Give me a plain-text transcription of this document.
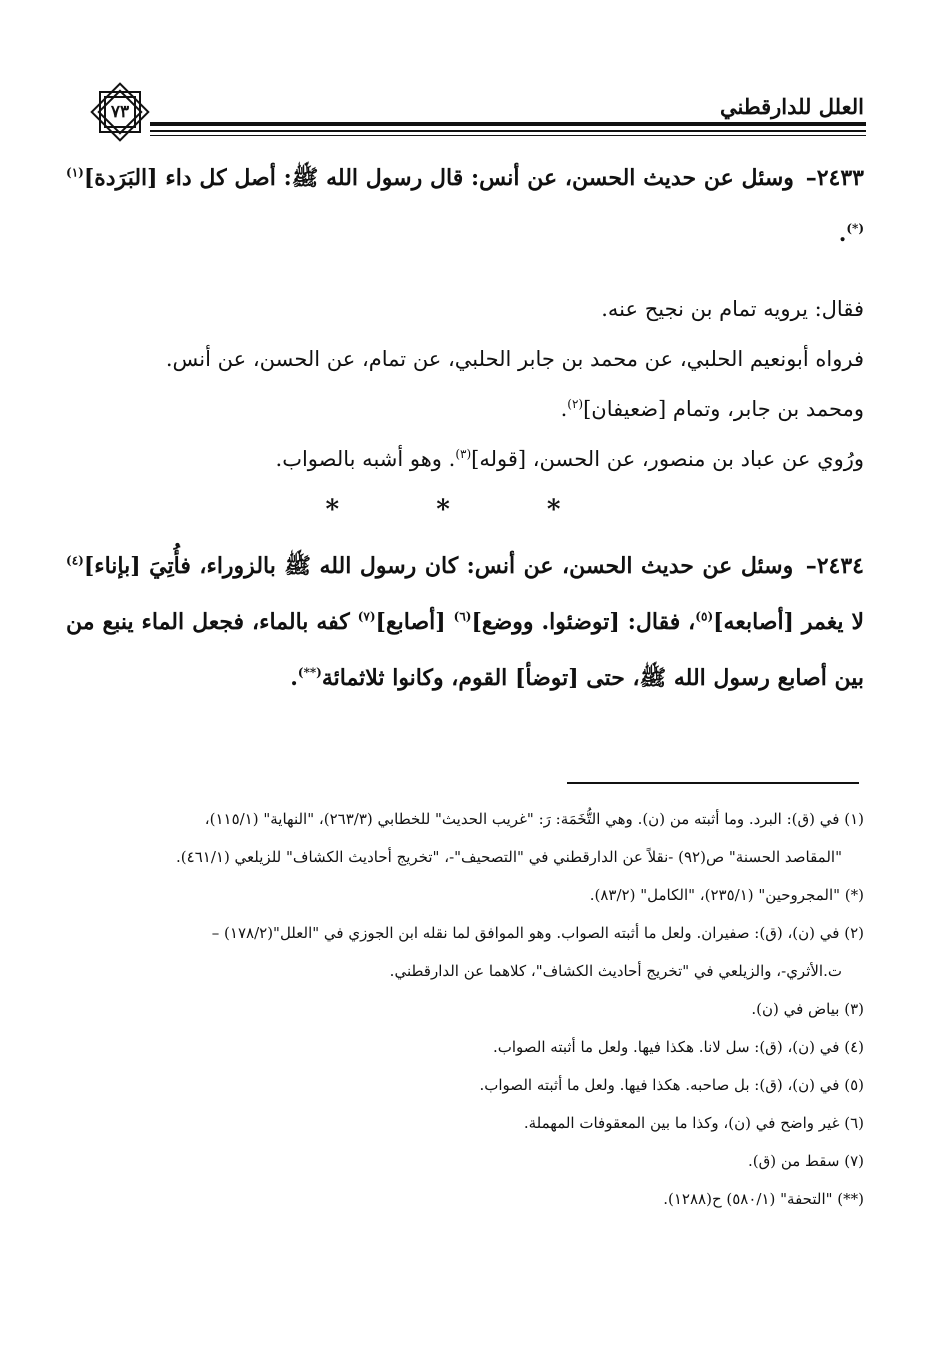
٧٣	العلل للدارقطني

٢٤٣٣– وسئل عن حديث الحسن، عن أنس: قال رسول الله ﷺ: أصل كل داء [البَرَدة]$^{(١)(*)}$.

فقال: يرويه تمام بن نجيح عنه.

فرواه أبونعيم الحلبي، عن محمد بن جابر الحلبي، عن تمام، عن الحسن، عن أنس.

ومحمد بن جابر، وتمام [ضعيفان]$^{(٢)}$.

ورُوي عن عباد بن منصور، عن الحسن، [قوله]$^{(٣)}$. وهو أشبه بالصواب.

* * *

٢٤٣٤– وسئل عن حديث الحسن، عن أنس: كان رسول الله ﷺ بالزوراء، فأُتِيَ [بإناء]$^{(٤)}$ لا يغمر [أصابعه]$^{(٥)}$، فقال: [توضئوا. ووضع]$^{(٦)}$ [أصابع]$^{(٧)}$ كفه بالماء، فجعل الماء ينبع من بين أصابع رسول الله ﷺ، حتى [توضأ] القوم، وكانوا ثلاثمائة(**).

(١) في (ق): البرد. وما أثبته من (ن). وهي التُّخَمَة: رَ: "غريب الحديث" للخطابي (٢٦٣/٣)، "النهاية" (١١٥/١)،
"المقاصد الحسنة" ص(٩٢) -نقلاً عن الدارقطني في "التصحيف"-، "تخريج أحاديث الكشاف" للزيلعي (٤٦١/١).

(*) "المجروحين" (٢٣٥/١)، "الكامل" (٨٣/٢).

(٢) في (ن)، (ق): صفيران. ولعل ما أثبته الصواب. وهو الموافق لما نقله ابن الجوزي في "العلل"(١٧٨/٢) –
ت.الأثري-، والزيلعي في "تخريج أحاديث الكشاف"، كلاهما عن الدارقطني.

(٣) بياض في (ن).

(٤) في (ن)، (ق): سل لانا. هكذا فيها. ولعل ما أثبته الصواب.

(٥) في (ن)، (ق): بل صاحبه. هكذا فيها. ولعل ما أثبته الصواب.

(٦) غير واضح في (ن)، وكذا ما بين المعقوفات المهملة.

(٧) سقط من (ق).

(**) "التحفة" (٥٨٠/١) ح(١٢٨٨).
